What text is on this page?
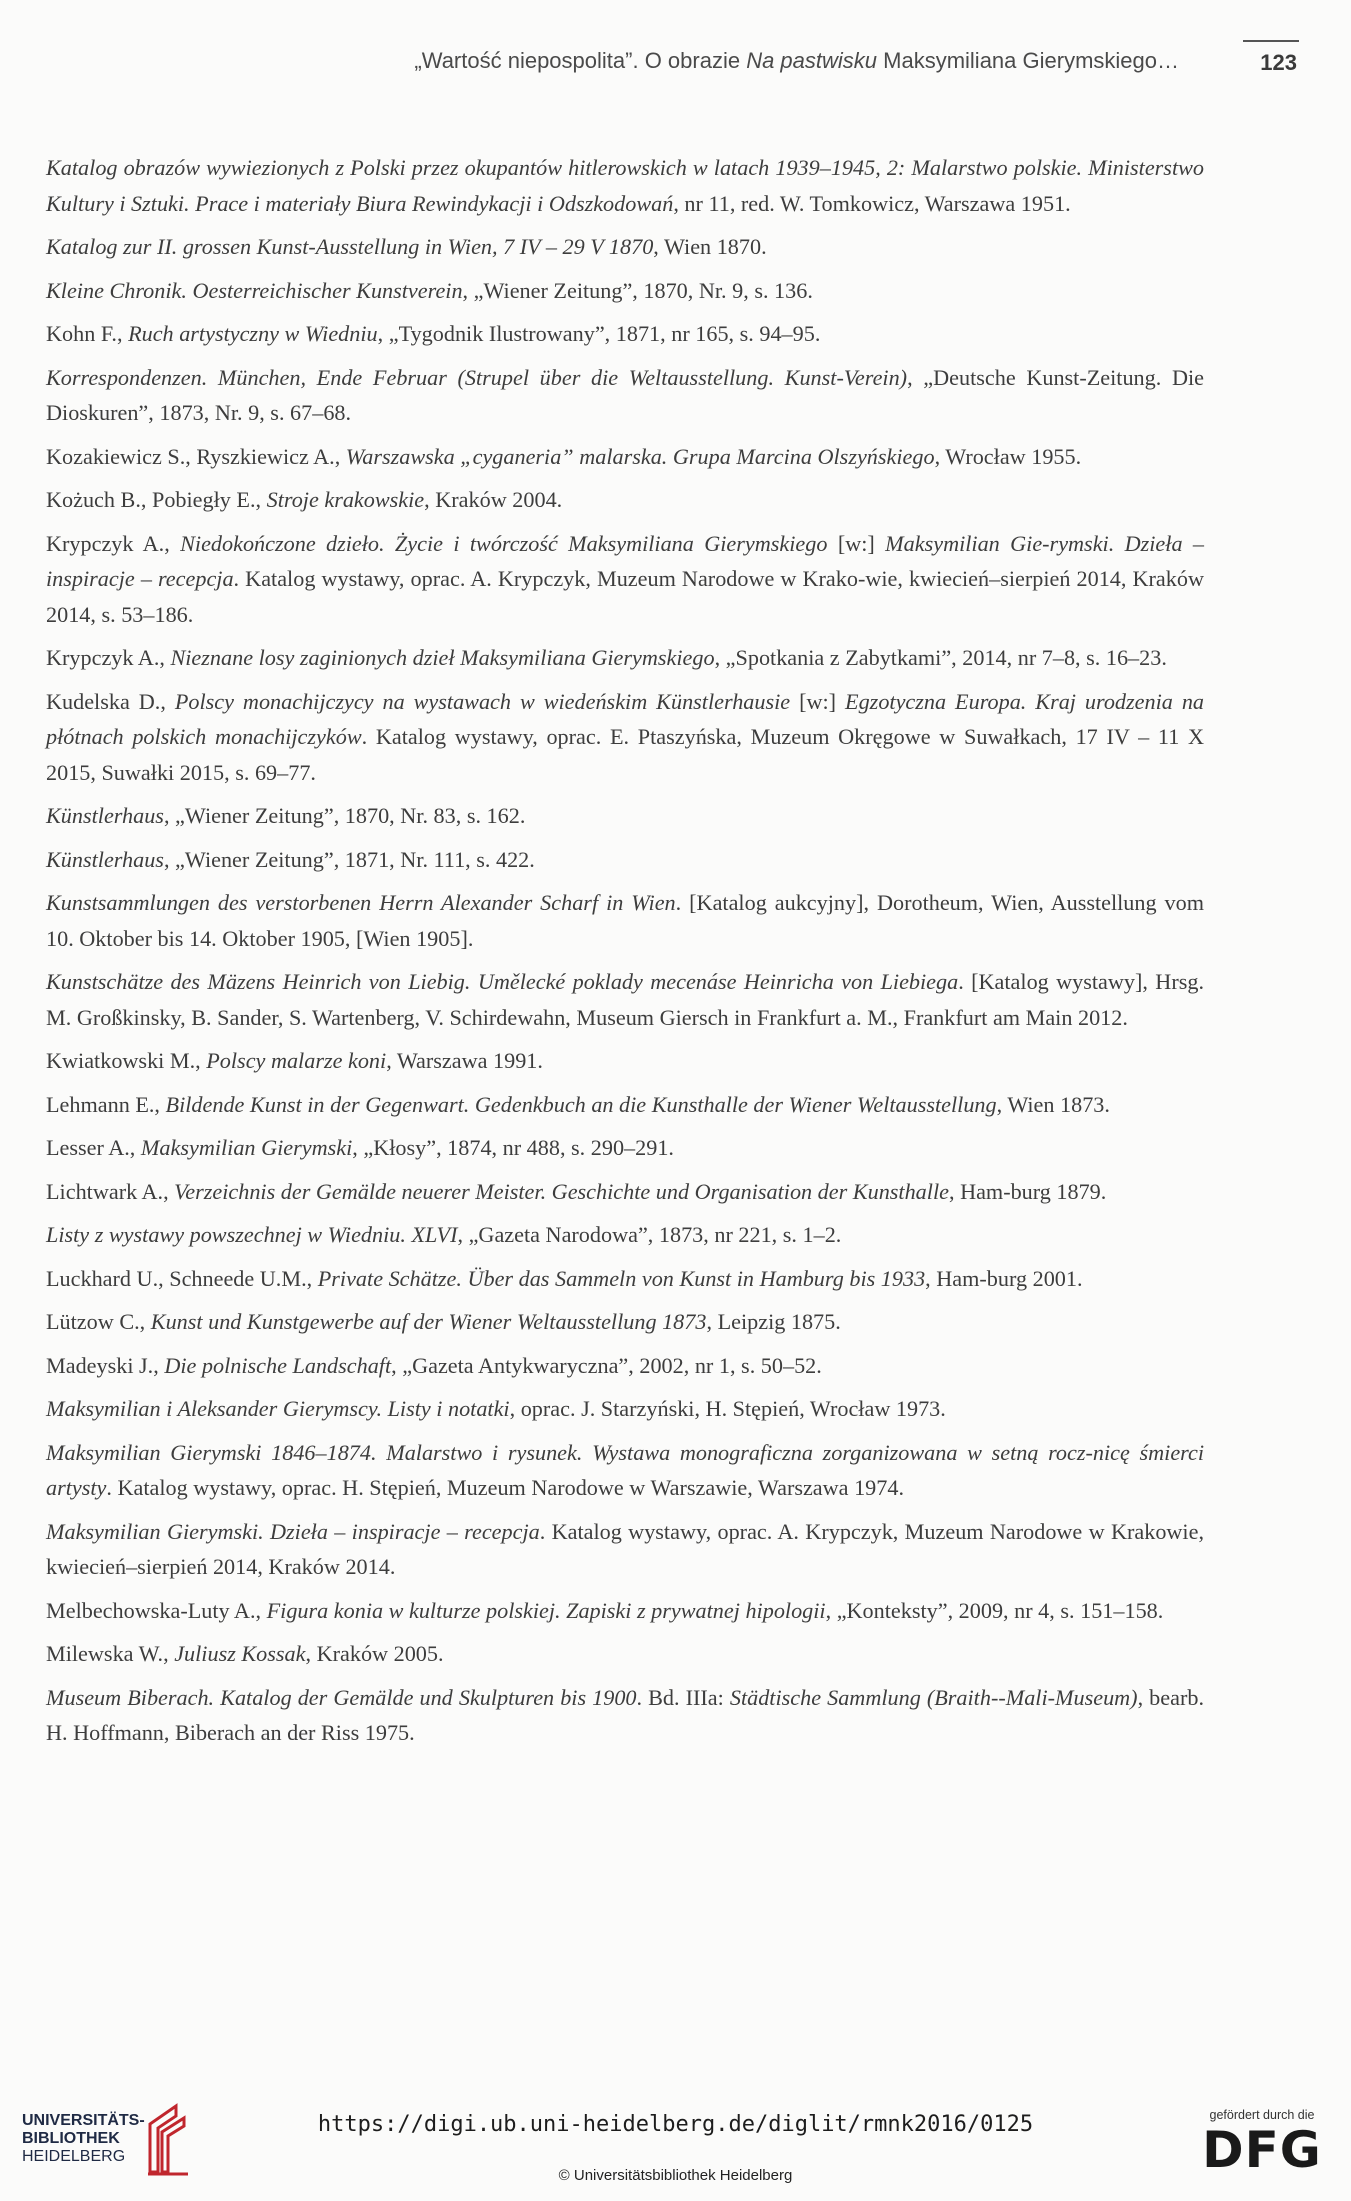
„Wartość niepospolita”. O obrazie Na pastwisku Maksymiliana Gierymskiego…	123

Katalog obrazów wywiezionych z Polski przez okupantów hitlerowskich w latach 1939–1945, 2: Malarstwo polskie. Ministerstwo Kultury i Sztuki. Prace i materiały Biura Rewindykacji i Odszkodowań, nr 11, red. W. Tomkowicz, Warszawa 1951.

Katalog zur II. grossen Kunst-Ausstellung in Wien, 7 IV – 29 V 1870, Wien 1870.

Kleine Chronik. Oesterreichischer Kunstverein, „Wiener Zeitung”, 1870, Nr. 9, s. 136.

Kohn F., Ruch artystyczny w Wiedniu, „Tygodnik Ilustrowany”, 1871, nr 165, s. 94–95.

Korrespondenzen. München, Ende Februar (Strupel über die Weltausstellung. Kunst-Verein), „Deutsche Kunst-Zeitung. Die Dioskuren”, 1873, Nr. 9, s. 67–68.

Kozakiewicz S., Ryszkiewicz A., Warszawska „cyganeria” malarska. Grupa Marcina Olszyńskiego, Wrocław 1955.

Kożuch B., Pobiegły E., Stroje krakowskie, Kraków 2004.

Krypczyk A., Niedokończone dzieło. Życie i twórczość Maksymiliana Gierymskiego [w:] Maksymilian Gie-rymski. Dzieła – inspiracje – recepcja. Katalog wystawy, oprac. A. Krypczyk, Muzeum Narodowe w Krako-wie, kwiecień–sierpień 2014, Kraków 2014, s. 53–186.

Krypczyk A., Nieznane losy zaginionych dzieł Maksymiliana Gierymskiego, „Spotkania z Zabytkami”, 2014, nr 7–8, s. 16–23.

Kudelska D., Polscy monachijczycy na wystawach w wiedeńskim Künstlerhausie [w:] Egzotyczna Europa. Kraj urodzenia na płótnach polskich monachijczyków. Katalog wystawy, oprac. E. Ptaszyńska, Muzeum Okręgowe w Suwałkach, 17 IV – 11 X 2015, Suwałki 2015, s. 69–77.

Künstlerhaus, „Wiener Zeitung”, 1870, Nr. 83, s. 162.

Künstlerhaus, „Wiener Zeitung”, 1871, Nr. 111, s. 422.

Kunstsammlungen des verstorbenen Herrn Alexander Scharf in Wien. [Katalog aukcyjny], Dorotheum, Wien, Ausstellung vom 10. Oktober bis 14. Oktober 1905, [Wien 1905].

Kunstschätze des Mäzens Heinrich von Liebig. Umělecké poklady mecenáse Heinricha von Liebiega. [Katalog wystawy], Hrsg. M. Großkinsky, B. Sander, S. Wartenberg, V. Schirdewahn, Museum Giersch in Frankfurt a. M., Frankfurt am Main 2012.

Kwiatkowski M., Polscy malarze koni, Warszawa 1991.

Lehmann E., Bildende Kunst in der Gegenwart. Gedenkbuch an die Kunsthalle der Wiener Weltausstellung, Wien 1873.

Lesser A., Maksymilian Gierymski, „Kłosy”, 1874, nr 488, s. 290–291.

Lichtwark A., Verzeichnis der Gemälde neuerer Meister. Geschichte und Organisation der Kunsthalle, Ham-burg 1879.

Listy z wystawy powszechnej w Wiedniu. XLVI, „Gazeta Narodowa”, 1873, nr 221, s. 1–2.

Luckhard U., Schneede U.M., Private Schätze. Über das Sammeln von Kunst in Hamburg bis 1933, Ham-burg 2001.

Lützow C., Kunst und Kunstgewerbe auf der Wiener Weltausstellung 1873, Leipzig 1875.

Madeyski J., Die polnische Landschaft, „Gazeta Antykwaryczna”, 2002, nr 1, s. 50–52.

Maksymilian i Aleksander Gierymscy. Listy i notatki, oprac. J. Starzyński, H. Stępień, Wrocław 1973.

Maksymilian Gierymski 1846–1874. Malarstwo i rysunek. Wystawa monograficzna zorganizowana w setną rocz-nicę śmierci artysty. Katalog wystawy, oprac. H. Stępień, Muzeum Narodowe w Warszawie, Warszawa 1974.

Maksymilian Gierymski. Dzieła – inspiracje – recepcja. Katalog wystawy, oprac. A. Krypczyk, Muzeum Narodowe w Krakowie, kwiecień–sierpień 2014, Kraków 2014.

Melbechowska-Luty A., Figura konia w kulturze polskiej. Zapiski z prywatnej hipologii, „Konteksty”, 2009, nr 4, s. 151–158.

Milewska W., Juliusz Kossak, Kraków 2005.

Museum Biberach. Katalog der Gemälde und Skulpturen bis 1900. Bd. IIIa: Städtische Sammlung (Braith--Mali-Museum), bearb. H. Hoffmann, Biberach an der Riss 1975.

UNIVERSITÄTS-
BIBLIOTHEK
HEIDELBERG
https://digi.ub.uni-heidelberg.de/diglit/rmnk2016/0125
© Universitätsbibliothek Heidelberg
gefördert durch die
DFG
